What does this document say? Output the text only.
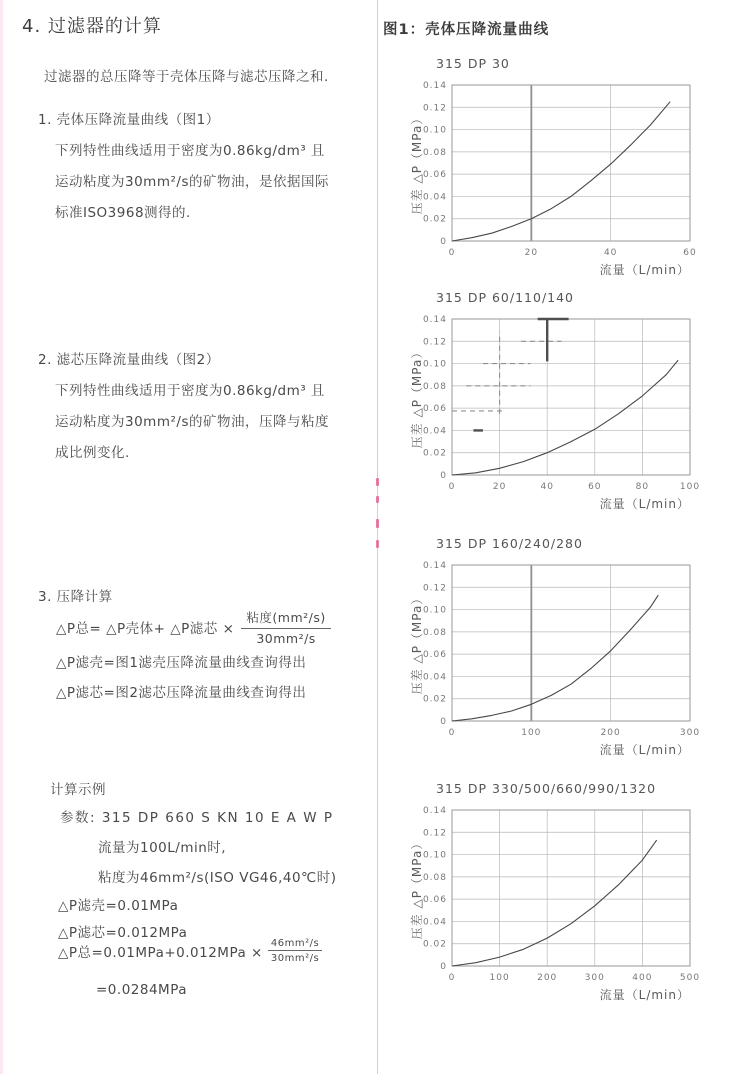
4. 过滤器的计算
过滤器的总压降等于壳体压降与滤芯压降之和.
1. 壳体压降流量曲线（图1）
下列特性曲线适用于密度为0.86kg/dm³ 且
运动粘度为30mm²/s的矿物油，是依据国际
标准ISO3968测得的.
2. 滤芯压降流量曲线（图2）
下列特性曲线适用于密度为0.86kg/dm³ 且
运动粘度为30mm²/s的矿物油，压降与粘度
成比例变化.
3. 压降计算
△P总= △P壳体+ △P滤芯 × $\frac{\text{粘度(mm²/s)}}{\text{30mm²/s}}$
△P滤壳=图1滤壳压降流量曲线查询得出
△P滤芯=图2滤芯压降流量曲线查询得出
计算示例
参数: 315 DP 660 S KN 10 E A W P
流量为100L/min时,
粘度为46mm²/s(ISO VG46,40℃时)
△P滤壳=0.01MPa
△P滤芯=0.012MPa
△P总$=0.01MPa+0.012MPa \times \frac{\text{46mm²/s}}{\text{30mm²/s}}$
=0.0284MPa
图1：壳体压降流量曲线
315 DP 30
0
0.02
0.04
0.06
0.08
0.10
0.12
0.14
0	20	40	60
流量（L/min）
压差 △P（MPa）
315 DP 60/110/140
0
0.02
0.04
0.06
0.08
0.10
0.12
0.14
0	20	40	60	80	100
流量（L/min）
压差 △P（MPa）
315 DP 160/240/280
0
0.02
0.04
0.06
0.08
0.10
0.12
0.14
0	100	200	300
流量（L/min）
压差 △P（MPa）
315 DP 330/500/660/990/1320
0
0.02
0.04
0.06
0.08
0.10
0.12
0.14
0	100	200	300	400	500
流量（L/min）
压差 △P（MPa）
